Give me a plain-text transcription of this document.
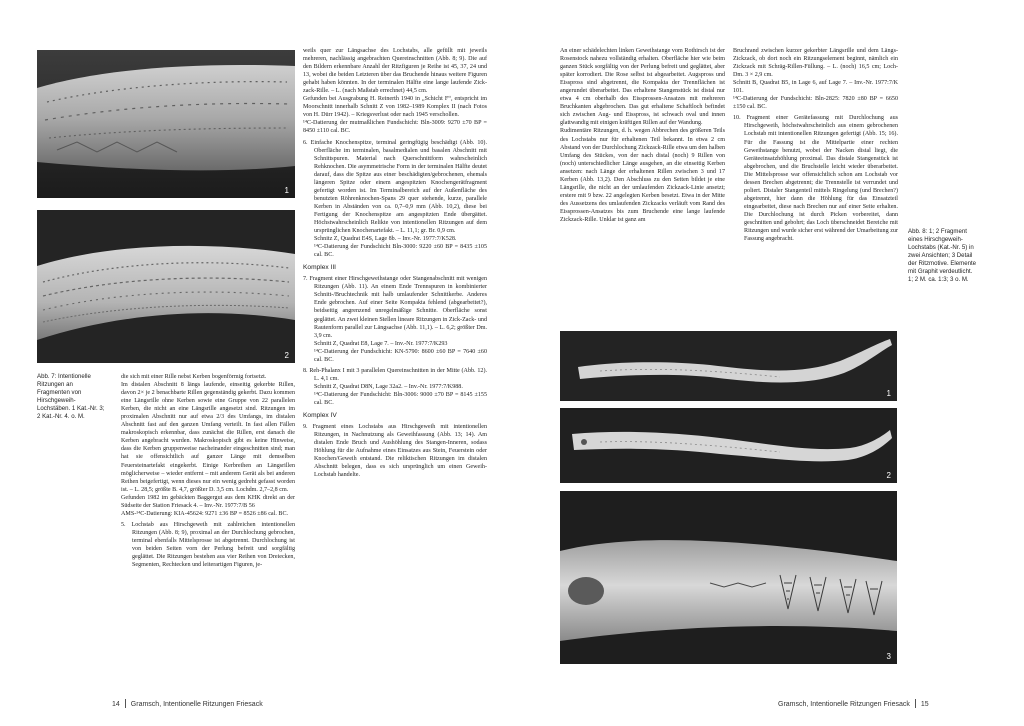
1
2
Abb. 7: Intentionelle
Ritzungen an
Fragmenten von
Hirschgeweih-
Lochstäben. 1 Kat.-Nr. 3;
2 Kat.-Nr. 4. o. M.

die sich mit einer Rille nebst Kerben bogenförmig fortsetzt.

Im distalen Abschnitt 8 längs laufende, einseitig gekerbte Rillen, davon 2× je 2 benachbarte Rillen gegenständig gekerbt. Dazu kommen eine Längsrille ohne Kerben sowie eine Gruppe von 22 parallelen Kerben, die nicht an eine Längsrille angesetzt sind. Ritzungen im proximalen Abschnitt nur auf etwa 2/3 des Umfangs, im distalen Abschnitt fast auf den ganzen Umfang verteilt. In fast allen Fällen makroskopisch erkennbar, dass zunächst die Rillen, erst danach die Kerben angebracht wurden. Makroskopisch gibt es keine Hinweise, dass die Kerben gruppenweise nacheinander eingeschnitten sind; man hat sie offensichtlich auf ganzer Länge mit demselben Feuersteinartefakt eingekerbt. Einige Kerbreihen an Längsrillen möglicherweise – wieder entfernt – mit anderem Gerät als bei anderen Reihen beigefertigt, wenn dieses nur ein wenig gedreht gefasst worden ist. – L. 28,5; größte B. 4,7, größter D. 3,5 cm. Lochdm. 2,7–2,8 cm.

Gefunden 1982 im gebäckten Baggergut aus dem KHK direkt an der Südseite der Station Friesack 4. – Inv.-Nr. 1977:7/B 56

AMS-¹⁴C-Datierung: KIA-45624: 9271 ±36 BP = 8526 ±86 cal. BC.

5. Lochstab aus Hirschgeweih mit zahlreichen intentionellen Ritzungen (Abb. 8; 9), proximal an der Durchlochung gebrochen, terminal ebenfalls Mittelsprosse ist abgetrennt. Durchlochung ist von beiden Seiten vorn der Perlung befreit und sorgfältig geglättet. Die Ritzungen bestehen aus vier Reihen von Dreiecken, Segmenten, Rechtecken und leiterartigen Figuren, je-

weils quer zur Längsachse des Lochstabs, alle gefüllt mit jeweils mehreren, nachlässig angebrachten Quereinschnitten (Abb. 8; 9). Die auf den Bildern erkennbare Anzahl der Ritzfiguren je Reihe ist 45, 37, 24 und 13, wobei die beiden Letzteren über das Bruchende hinaus weitere Figuren gehabt haben könnten. In der terminalen Hälfte eine lange laufende Zick-zack-Rille. – L. (nach Maßstab errechnet) 44,5 cm.

Gefunden bei Ausgrabung H. Reinerth 1940 in „Schicht F“, entspricht im Moorschnitt innerhalb Schnitt Z von 1982–1989 Komplex II (nach Fotos von H. Dürr 1942). – Kriegsverlust oder nach 1945 verschollen.

¹⁴C-Datierung der mutmaßlichen Fundschicht: Bln-3009: 9270 ±70 BP = 8450 ±110 cal. BC.

6. Einfache Knochenspitze, terminal geringfügig beschädigt (Abb. 10). Oberfläche im terminalen, basalmedialen und basalen Abschnitt mit Schnittspuren. Material nach Querschnittform wahrscheinlich Rehknochen. Die asymmetrische Form in der terminalen Hälfte deutet darauf, dass die Spitze aus einer beschädigten/gebrochenen, ehemals längeren Spitze oder einem angespitzten Knochengerätfragment gefertigt worden ist. Im Terminalbereich auf der Außenfläche des benutzten Röhrenknochen-Spans 29 quer stehende, kurze, parallele Kerben in Abständen von ca. 0,7–0,9 mm (Abb. 10,2), diese bei Fertigung der Knochenspitze am angespitzten Ende übergättet. Höchstwahrscheinlich Relikte von intentionellen Ritzungen auf dem ursprünglichen Knochenartefakt. – L. 11,1; gr. Br. 0,9 cm.

Schnitz Z, Quadrat E4S, Lage 8b. – Inv.-Nr. 1977:7/K528.

¹⁴C-Datierung der Fundschicht Bln-3000: 9220 ±60 BP = 8435 ±105 cal. BC.

Komplex III

7. Fragment einer Hirschgeweihstange oder Stangenabschnitt mit wenigen Ritzungen (Abb. 11). An einem Ende Trennspuren in kombinierter Schnitt-/Bruchtechnik mit halb umlaufender Schnittkerbe. Anderes Ende gebrochen. Auf einer Seite Kompakta fehlend (abgearbeitet?), beidseitig angrenzend unregelmäßige Schnitte. Oberfläche sonst geglättet. An zwei kleinen Stellen lineare Ritzungen in Zick-Zack- und Rautenform parallel zur Längsachse (Abb. 11,1). – L. 6,2; größter Dm. 3,9 cm.

Schnitt Z, Quadrat E8, Lage 7. – Inv.-Nr. 1977:7/K293

¹⁴C-Datierung der Fundschicht: KN-5790: 8600 ±60 BP = 7640 ±60 cal. BC.

8. Reh-Phalanx I mit 3 parallelen Quereinschnitten in der Mitte (Abb. 12). L. 4,1 cm.

Schnitt Z, Quadrat D8N, Lage 32a2. – Inv.-Nr. 1977:7/K988.

¹⁴C-Datierung der Fundschicht: Bln-3006: 9000 ±70 BP = 8145 ±155 cal. BC.

Komplex IV

9. Fragment eines Lochstabs aus Hirschgeweih mit intentionellen Ritzungen, in Nachnutzung als Geweihfassung (Abb. 13; 14). Am distalen Ende Bruch und Aushöhlung des Stangen-Inneren, sodass Höhlung für die Aufnahme eines Einsatzes aus Stein, Feuerstein oder Knochen/Geweih entstand. Die reliktischen Ritzungen im distalen Abschnitt belegen, dass es sich ursprünglich um einen Geweih-Lochstab handelte.

14 Gramsch, Intentionelle Ritzungen Friesack

An einer schädelechten linken Geweihstange vom Rothirsch ist der Rosenstock nahezu vollständig erhalten. Oberfläche hier wie beim ganzen Stück sorgfältig von der Perlung befreit und geglättet, aber später korrodiert. Die Rose selbst ist abgearbeitet. Augspross und Eisspross sind abgetrennt, die Kompakta der Trennflächen ist angerundet überarbeitet. Das erhaltene Stangenstück ist distal nur etwa 4 cm oberhalb des Eissprossen-Ansatzes mit mehreren Bruchkanten abgebrochen. Das gut erhaltene Schaftloch befindet sich zwischen Aug- und Eisspross, ist schwach oval und innen glattwandig mit einigen kräftigen Rillen auf der Wandung.

Rudimentäre Ritzungen, d. h. wegen Abbrechen des größeren Teils des Lochstabs nur für erhaltenen Teil bekannt. In etwa 2 cm Abstand von der Durchlochung Zickzack-Rille etwa um den halben Umfang des Stückes, von der nach distal (noch) 9 Rillen von (noch) unterschiedlicher Länge ausgehen, an die einseitig Kerben ansetzen: nach Länge der erhaltenen Rillen zwischen 3 und 17 Kerben (Abb. 13,2). Den Abschluss zu den Seiten bildet je eine Längsrille, die nicht an der umlaufenden Zickzack-Linie ansetzt; erstere mit 9 bzw. 22 angelegten Kerben besetzt. Etwa in der Mitte des Aussetzens des umlaufenden Zickzacks verläuft vom Rand des Eissprossen-Ansatzes bis zum Bruchende eine lange laufende Zickzack-Rille. Unklar ist ganz am

Bruchrand zwischen kurzer gekerbter Längsrille und dem Längs-Zickzack, ob dort noch ein Ritzungselement beginnt, nämlich ein Zickzack mit Schräg-Rillen-Füllung. – L. (noch) 16,5 cm; Loch-Dm. 3 × 2,9 cm.

Schnitt B, Quadrat B5, in Lage 6, auf Lage 7. – Inv.-Nr. 1977:7/K 101.

¹⁴C-Datierung der Fundschicht: Bln-2825: 7820 ±80 BP = 6650 ±150 cal. BC.

10. Fragment einer Gerätefassung mit Durchlochung aus Hirschgeweih, höchstwahrscheinlich aus einem gebrochenen Lochstab mit intentionellen Ritzungen gefertigt (Abb. 15; 16). Für die Fassung ist die Mittelpartie einer rechten Geweihstange benutzt, wobei der Nacken distal liegt, die Geräteeinsatzhöhlung proximal. Das distale Stangenstück ist abgebrochen, und die Bruchstelle leicht wieder überarbeitet. Die Mittelsprosse war offensichtlich schon am Lochstab vor dessen Brechen abgetrennt; die Trennstelle ist verrundet und poliert. Distaler Stangenteil mittels Ringelung (und Brechen?) abgetrennt, hier dann die Höhlung für das Einsatzteil eingearbeitet, diese nach Brechen nur auf einer Seite erhalten. Die Durchlochung ist durch Picken vorbereitet, dann geschnitten und gebohrt; das Loch überschneidet Bereiche mit Ritzungen und wurde sicher erst während der Umarbeitung zur Fassung angebracht.

Abb. 8: 1; 2 Fragment
eines Hirschgeweih-
Lochstabs (Kat.-Nr. 5) in
zwei Ansichten; 3 Detail
der Ritzmotive. Elemente
mit Graphit verdeutlicht.
1; 2 M. ca. 1:3; 3 o. M.
1
2
3
Gramsch, Intentionelle Ritzungen Friesack 15
